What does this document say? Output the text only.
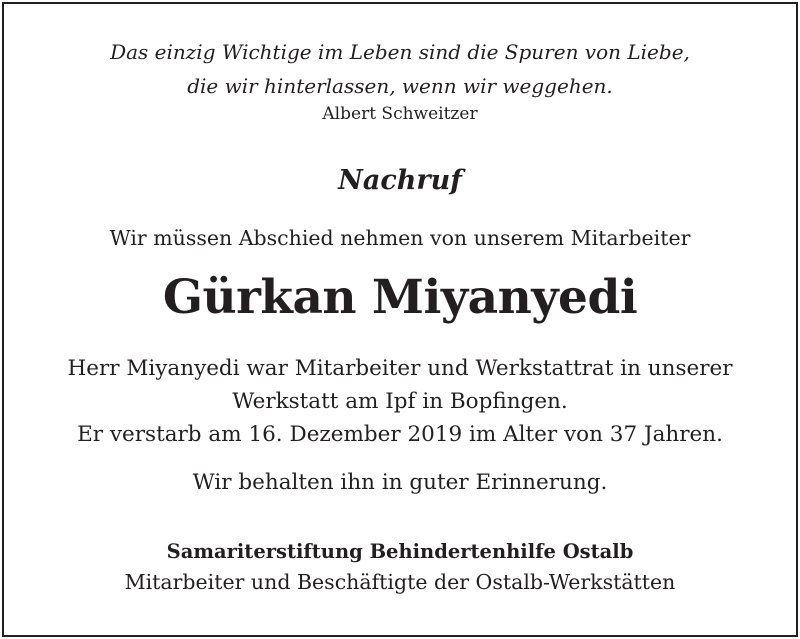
Das einzig Wichtige im Leben sind die Spuren von Liebe,
die wir hinterlassen, wenn wir weggehen.
Albert Schweitzer
Nachruf
Wir müssen Abschied nehmen von unserem Mitarbeiter
Gürkan Miyanyedi
Herr Miyanyedi war Mitarbeiter und Werkstattrat in unserer
Werkstatt am Ipf in Bopfingen.
Er verstarb am 16. Dezember 2019 im Alter von 37 Jahren.
Wir behalten ihn in guter Erinnerung.
Samariterstiftung Behindertenhilfe Ostalb
Mitarbeiter und Beschäftigte der Ostalb-Werkstätten
